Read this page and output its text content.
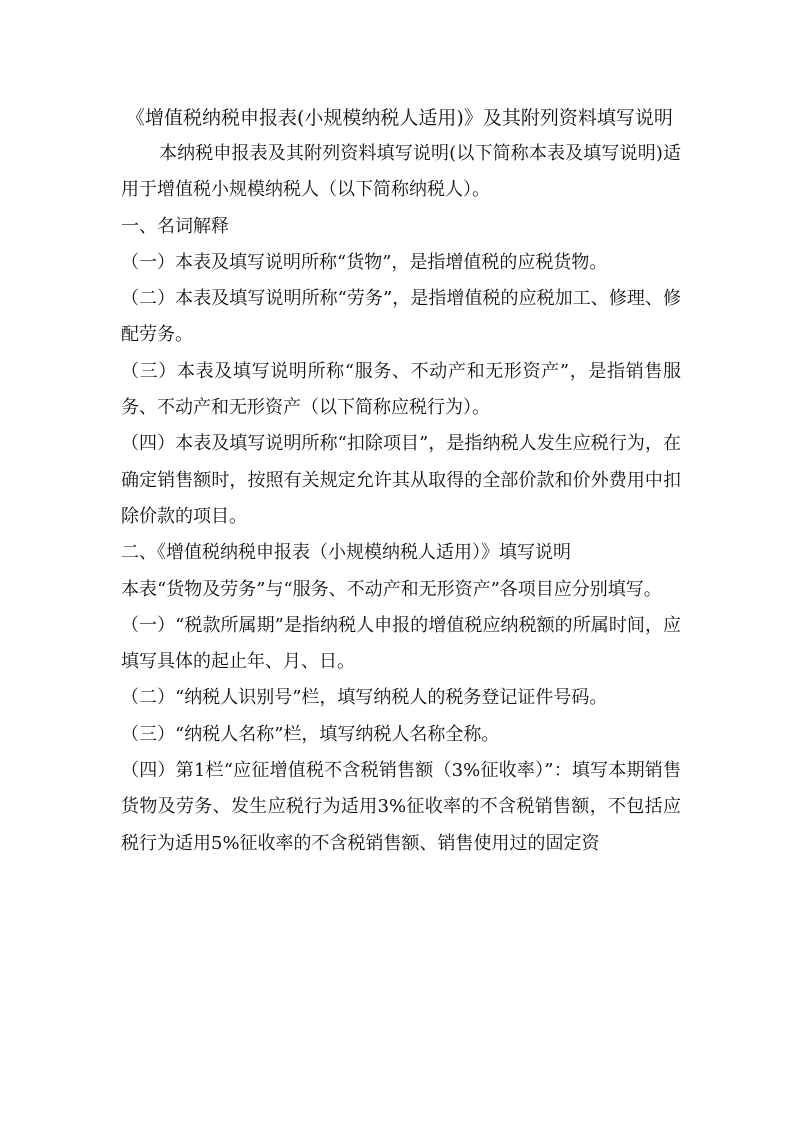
《增值税纳税申报表(小规模纳税人适用)》及其附列资料填写说明

本纳税申报表及其附列资料填写说明(以下简称本表及填写说明)适用于增值税小规模纳税人（以下简称纳税人）。

一、名词解释

（一）本表及填写说明所称“货物”，是指增值税的应税货物。

（二）本表及填写说明所称“劳务”，是指增值税的应税加工、修理、修配劳务。

（三）本表及填写说明所称“服务、不动产和无形资产”，是指销售服务、不动产和无形资产（以下简称应税行为）。

（四）本表及填写说明所称“扣除项目”，是指纳税人发生应税行为，在确定销售额时，按照有关规定允许其从取得的全部价款和价外费用中扣除价款的项目。

二、《增值税纳税申报表（小规模纳税人适用）》填写说明

本表“货物及劳务”与“服务、不动产和无形资产”各项目应分别填写。

（一）“税款所属期”是指纳税人申报的增值税应纳税额的所属时间，应填写具体的起止年、月、日。

（二）“纳税人识别号”栏，填写纳税人的税务登记证件号码。

（三）“纳税人名称”栏，填写纳税人名称全称。

（四）第1栏“应征增值税不含税销售额（3%征收率）”：填写本期销售货物及劳务、发生应税行为适用3%征收率的不含税销售额，不包括应税行为适用5%征收率的不含税销售额、销售使用过的固定资
